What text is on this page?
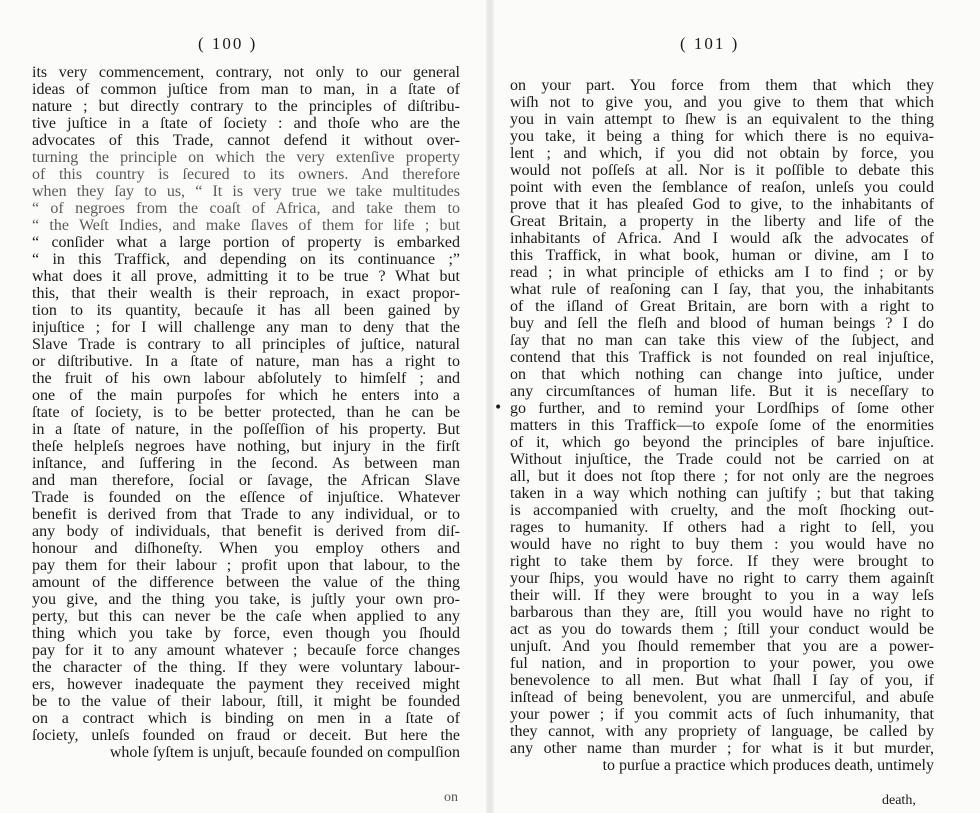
( 100 )
its very commencement, contrary, not only to our general
ideas of common juſtice from man to man, in a ſtate of
nature ; but directly contrary to the principles of diſtribu-
tive juſtice in a ſtate of ſociety : and thoſe who are the
advocates of this Trade, cannot defend it without over-
turning the principle on which the very extenſive property
of this country is ſecured to its owners. And therefore
when they ſay to us, “ It is very true we take multitudes
“ of negroes from the coaſt of Africa, and take them to
“ the Weſt Indies, and make ſlaves of them for life ; but
“ conſider what a large portion of property is embarked
“ in this Traffick, and depending on its continuance ;”
what does it all prove, admitting it to be true ? What but
this, that their wealth is their reproach, in exact propor-
tion to its quantity, becauſe it has all been gained by
injuſtice ; for I will challenge any man to deny that the
Slave Trade is contrary to all principles of juſtice, natural
or diſtributive. In a ſtate of nature, man has a right to
the fruit of his own labour abſolutely to himſelf ; and
one of the main purpoſes for which he enters into a
ſtate of ſociety, is to be better protected, than he can be
in a ſtate of nature, in the poſſeſſion of his property. But
theſe helpleſs negroes have nothing, but injury in the firſt
inſtance, and ſuffering in the ſecond. As between man
and man therefore, ſocial or ſavage, the African Slave
Trade is founded on the eſſence of injuſtice. Whatever
benefit is derived from that Trade to any individual, or to
any body of individuals, that benefit is derived from diſ-
honour and diſhoneſty. When you employ others and
pay them for their labour ; profit upon that labour, to the
amount of the difference between the value of the thing
you give, and the thing you take, is juſtly your own pro-
perty, but this can never be the caſe when applied to any
thing which you take by force, even though you ſhould
pay for it to any amount whatever ; becauſe force changes
the character of the thing. If they were voluntary labour-
ers, however inadequate the payment they received might
be to the value of their labour, ſtill, it might be founded
on a contract which is binding on men in a ſtate of
ſociety, unleſs founded on fraud or deceit. But here the
whole ſyſtem is unjuſt, becauſe founded on compulſion
on
( 101 )
on your part. You force from them that which they
wiſh not to give you, and you give to them that which
you in vain attempt to ſhew is an equivalent to the thing
you take, it being a thing for which there is no equiva-
lent ; and which, if you did not obtain by force, you
would not poſſeſs at all. Nor is it poſſible to debate this
point with even the ſemblance of reaſon, unleſs you could
prove that it has pleaſed God to give, to the inhabitants of
Great Britain, a property in the liberty and life of the
inhabitants of Africa. And I would aſk the advocates of
this Traffick, in what book, human or divine, am I to
read ; in what principle of ethicks am I to find ; or by
what rule of reaſoning can I ſay, that you, the inhabitants
of the iſland of Great Britain, are born with a right to
buy and ſell the fleſh and blood of human beings ? I do
ſay that no man can take this view of the ſubject, and
contend that this Traffick is not founded on real injuſtice,
on that which nothing can change into juſtice, under
any circumſtances of human life. But it is neceſſary to
go further, and to remind your Lordſhips of ſome other
matters in this Traffick—to expoſe ſome of the enormities
of it, which go beyond the principles of bare injuſtice.
Without injuſtice, the Trade could not be carried on at
all, but it does not ſtop there ; for not only are the negroes
taken in a way which nothing can juſtify ; but that taking
is accompanied with cruelty, and the moſt ſhocking out-
rages to humanity. If others had a right to ſell, you
would have no right to buy them : you would have no
right to take them by force. If they were brought to
your ſhips, you would have no right to carry them againſt
their will. If they were brought to you in a way leſs
barbarous than they are, ſtill you would have no right to
act as you do towards them ; ſtill your conduct would be
unjuſt. And you ſhould remember that you are a power-
ful nation, and in proportion to your power, you owe
benevolence to all men. But what ſhall I ſay of you, if
inſtead of being benevolent, you are unmerciful, and abuſe
your power ; if you commit acts of ſuch inhumanity, that
they cannot, with any propriety of language, be called by
any other name than murder ; for what is it but murder,
to purſue a practice which produces death, untimely
death,
•
